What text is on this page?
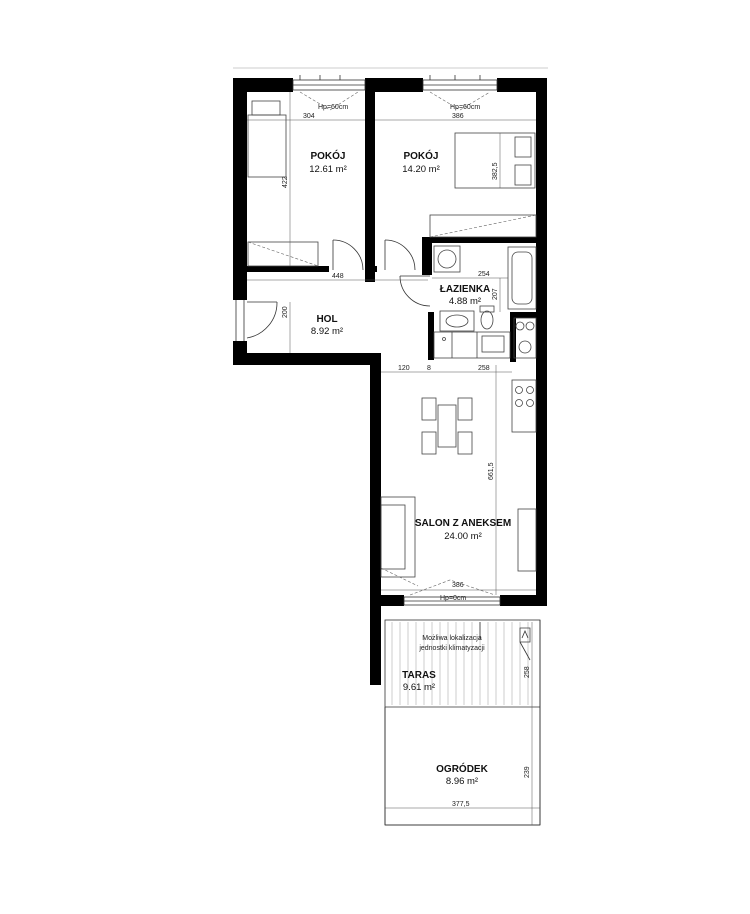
304	386
422
382,5
448	254
207
200
120 8	258
661,5
386
258
239
377,5
Hp=60cm	Hp=60cm
Hp=0cm
POKÓJ
12.61 m²
POKÓJ
14.20 m²
ŁAZIENKA
4.88 m²
HOL
8.92 m²
SALON Z ANEKSEM
24.00 m²
TARAS
9.61 m²
OGRÓDEK
8.96 m²
Możliwa lokalizacja
jednostki klimatyzacji
